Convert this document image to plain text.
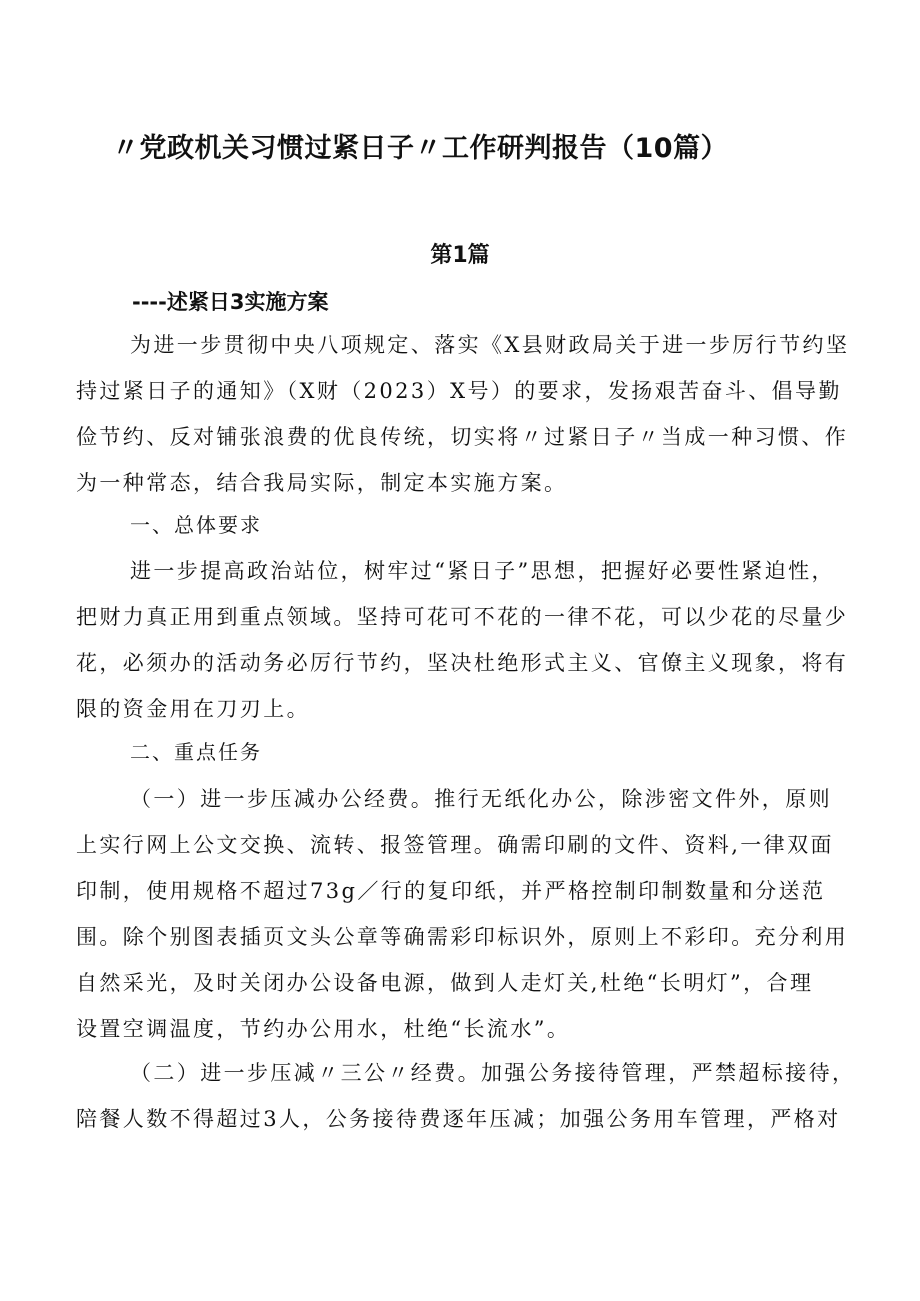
〃党政机关习惯过紧日子〃工作研判报告（10篇）
第1篇
----述紧日3实施方案
为进一步贯彻中央八项规定、落实《X县财政局关于进一步厉行节约坚
持过紧日子的通知》（X财（2023）X号）的要求，发扬艰苦奋斗、倡导勤
俭节约、反对铺张浪费的优良传统，切实将〃过紧日子〃当成一种习惯、作
为一种常态，结合我局实际，制定本实施方案。
一、总体要求
进一步提高政治站位，树牢过“紧日子”思想，把握好必要性紧迫性，
把财力真正用到重点领域。坚持可花可不花的一律不花，可以少花的尽量少
花，必须办的活动务必厉行节约，坚决杜绝形式主义、官僚主义现象，将有
限的资金用在刀刃上。
二、重点任务
（一）进一步压减办公经费。推行无纸化办公，除涉密文件外，原则
上实行网上公文交换、流转、报签管理。确需印刷的文件、资料,一律双面
印制，使用规格不超过73g／行的复印纸，并严格控制印制数量和分送范
围。除个别图表插页文头公章等确需彩印标识外，原则上不彩印。充分利用
自然采光，及时关闭办公设备电源，做到人走灯关,杜绝“长明灯”，合理
设置空调温度，节约办公用水，杜绝“长流水”。
（二）进一步压减〃三公〃经费。加强公务接待管理，严禁超标接待，
陪餐人数不得超过3人，公务接待费逐年压减；加强公务用车管理，严格对
